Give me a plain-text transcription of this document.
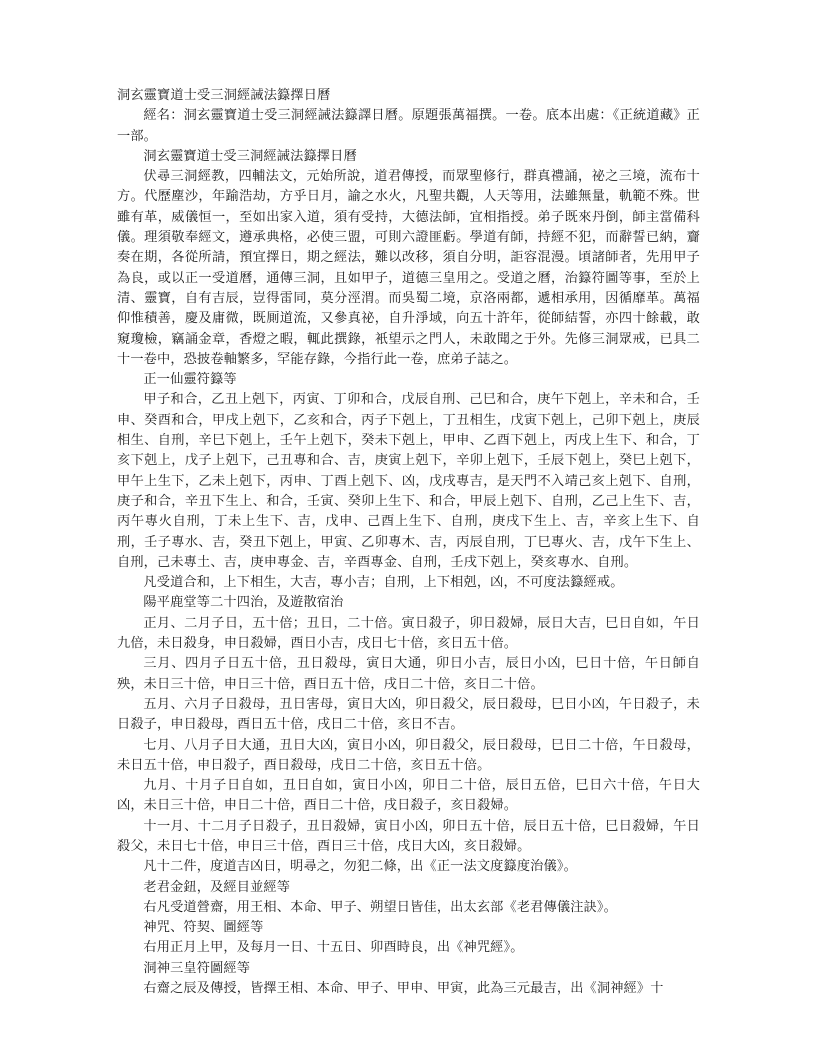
洞玄靈寶道士受三洞經誡法籙擇日曆

經名：洞玄靈寶道士受三洞經誡法籙譯日曆。原題張萬福撰。一卷。底本出處：《正統道藏》正一部。

洞玄靈寶道士受三洞經誡法籙擇日曆

伏尋三洞經教，四輔法文，元始所說，道君傳授，而眾聖修行，群真禮誦，祕之三境，流布十方。代歷塵沙，年踰浩劫，方乎日月，諭之水火，凡聖共觀，人天等用，法雖無量，軌範不殊。世雖有革，威儀恒一，至如出家入道，須有受持，大德法師，宜相指授。弟子既來丹倒，師主當備科儀。理須敬奉經文，遵承典格，必使三盟，可則六證匪虧。學道有師，持經不犯，而辭誓已納，齎奏在期，各從所請，預宜擇日，期之經法，難以改移，須自分明，詎容混漫。頃諸師者，先用甲子為良，或以正一受道曆，通傳三洞，且如甲子，道德三皇用之。受道之曆，治籙符圖等事，至於上清、靈寶，自有吉辰，豈得雷同，莫分涇渭。而吳蜀二境，京洛兩都，遞相承用，因循靡革。萬福仰惟積善，慶及庸微，既厠道流，又參真祕，自升淨域，向五十許年，從師結誓，亦四十餘載，敢窺瓊檢，竊誦金章，香燈之暇，輒此撰錄，衹望示之門人，未敢聞之于外。先修三洞眾戒，已具二十一卷中，恐披卷軸繁多，罕能存錄，今指行此一卷，庶弟子誌之。

正一仙靈符籙等

甲子和合，乙丑上剋下，丙寅、丁卯和合，戊辰自刑、己巳和合，庚午下剋上，辛未和合，壬申、癸酉和合，甲戌上剋下，乙亥和合，丙子下剋上，丁丑相生，戊寅下剋上，己卯下剋上，庚辰相生、自刑，辛巳下剋上，壬午上剋下，癸未下剋上，甲申、乙酉下剋上，丙戌上生下、和合，丁亥下剋上，戊子上剋下，己丑專和合、吉，庚寅上剋下，辛卯上剋下，壬辰下剋上，癸巳上剋下，甲午上生下，乙未上剋下，丙申、丁酉上剋下、凶，戊戌專吉，是天門不入靖己亥上剋下、自刑，庚子和合，辛丑下生上、和合，壬寅、癸卯上生下、和合，甲辰上剋下、自刑，乙己上生下、吉，丙午專火自刑，丁未上生下、吉，戊申、己酉上生下、自刑，庚戌下生上、吉，辛亥上生下、自刑，壬子專水、吉，癸丑下剋上，甲寅、乙卯專木、吉，丙辰自刑，丁巳專火、吉，戊午下生上、自刑，己未專土、吉，庚申專金、吉，辛酉專金、自刑，壬戌下剋上，癸亥專水、自刑。

凡受道合和，上下相生，大吉，專小吉；自刑，上下相剋，凶，不可度法籙經戒。

陽平鹿堂等二十四治，及遊散宿治

正月、二月子日，五十倍；丑日，二十倍。寅日殺子，卯日殺婦，辰日大吉，巳日自如，午日九倍，未日殺身，申日殺婦，酉日小吉，戌日七十倍，亥日五十倍。

三月、四月子日五十倍，丑日殺母，寅日大通，卯日小吉，辰日小凶，巳日十倍，午日師自殃，未日三十倍，申日三十倍，酉日五十倍，戌日二十倍，亥日二十倍。

五月、六月子日殺母，丑日害母，寅日大凶，卯日殺父，辰日殺母，巳日小凶，午日殺子，未日殺子，申日殺母，酉日五十倍，戌日二十倍，亥日不吉。

七月、八月子日大通，丑日大凶，寅日小凶，卯日殺父，辰日殺母，巳日二十倍，午日殺母，未日五十倍，申日殺子，酉日殺母，戌日二十倍，亥日五十倍。

九月、十月子日自如，丑日自如，寅日小凶，卯日二十倍，辰日五倍，巳日六十倍，午日大凶，未日三十倍，申日二十倍，酉日二十倍，戌日殺子，亥日殺婦。

十一月、十二月子日殺子，丑日殺婦，寅日小凶，卯日五十倍，辰日五十倍，巳日殺婦，午日殺父，未日七十倍，申日三十倍，酉日三十倍，戌日大凶，亥日殺婦。

凡十二件，度道吉凶日，明尋之，勿犯二條，出《正一法文度籙度治儀》。

老君金鈕，及經目並經等

右凡受道營齋，用王相、本命、甲子、朔望日皆佳，出太玄部《老君傳儀注訣》。

神咒、符契、圖經等

右用正月上甲，及每月一日、十五日、卯酉時良，出《神咒經》。

洞神三皇符圖經等

右齋之辰及傳授，皆擇王相、本命、甲子、甲申、甲寅，此為三元最吉，出《洞神經》十
